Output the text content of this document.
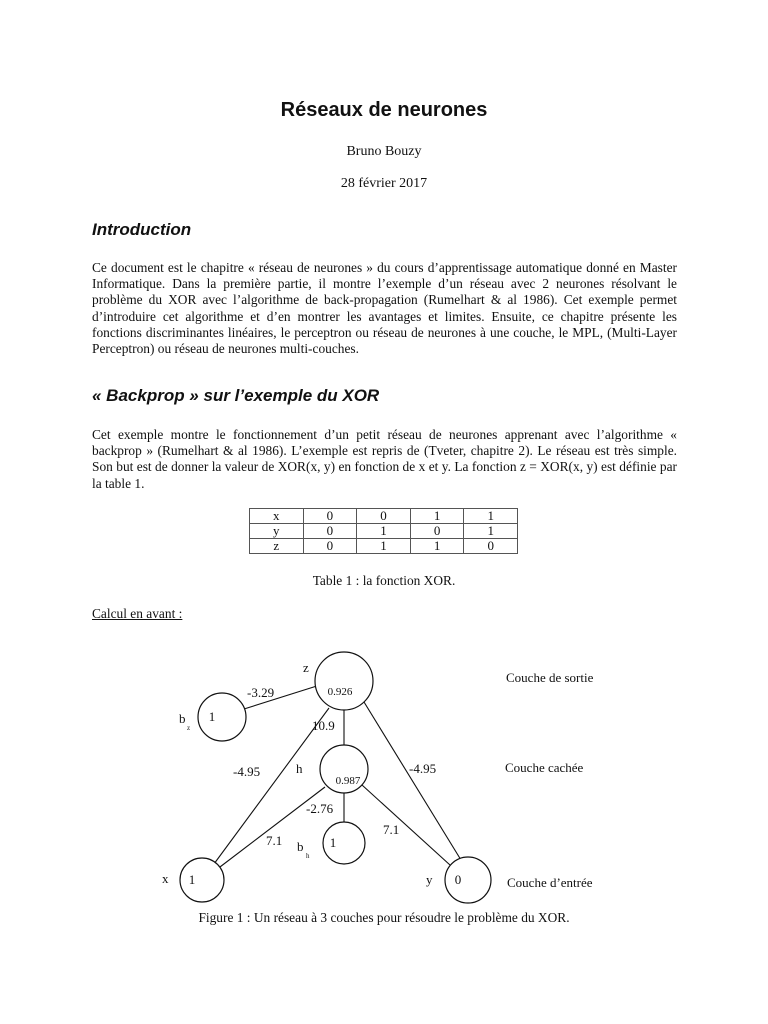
Réseaux de neurones
Bruno Bouzy
28 février 2017
Introduction

Ce document est le chapitre « réseau de neurones » du cours d’apprentissage automatique donné en Master Informatique. Dans la première partie, il montre l’exemple d’un réseau avec 2 neurones résolvant le problème du XOR avec l’algorithme de back-propagation (Rumelhart & al 1986). Cet exemple permet d’introduire cet algorithme et d’en montrer les avantages et limites. Ensuite, ce chapitre présente les fonctions discriminantes linéaires, le perceptron ou réseau de neurones à une couche, le MPL, (Multi-Layer Perceptron) ou réseau de neurones multi-couches.

« Backprop » sur l’exemple du XOR

Cet exemple montre le fonctionnement d’un petit réseau de neurones apprenant avec l’algorithme « backprop » (Rumelhart & al 1986). L’exemple est repris de (Tveter, chapitre 2). Le réseau est très simple. Son but est de donner la valeur de XOR(x, y) en fonction de x et y. La fonction z = XOR(x, y) est définie par la table 1.

x	0	0	1	1
y	0	1	0	1
z	0	1	1	0
Table 1 : la fonction XOR.
Calcul en avant :
0.926
1
0.987
1
1	0
z
b
z
h
b
h
x	y
-3.29
10.9
-4.95	-4.95
-2.76
7.1
7.1
Couche de sortie
Couche cachée
Couche d’entrée
Figure 1 : Un réseau à 3 couches pour résoudre le problème du XOR.
